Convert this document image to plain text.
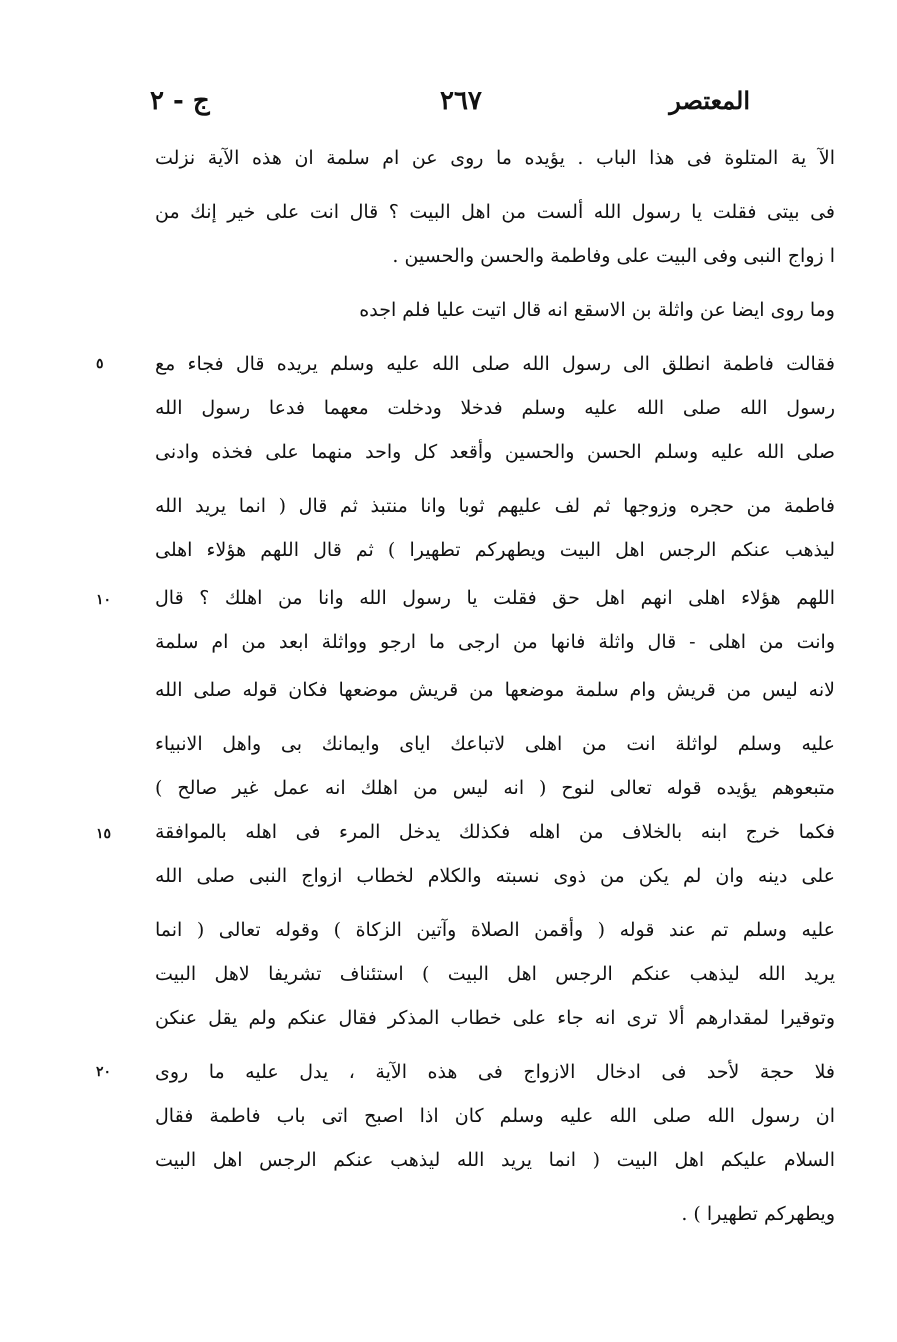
المعتصر
٢٦٧
ج - ٢
الآ ية المتلوة فى هذا الباب . يؤيده ما روى عن ام سلمة ان هذه الآية نزلت
فى بيتى فقلت يا رسول الله ألست من اهل البيت ؟ قال انت على خير إنك من
ا زواج النبى وفى البيت على وفاطمة والحسن والحسين .
وما روى ايضا عن واثلة بن الاسقع انه قال اتيت عليا فلم اجده
فقالت فاطمة انطلق الى رسول الله صلى الله عليه وسلم يريده قال فجاء مع
رسول الله صلى الله عليه وسلم فدخلا ودخلت معهما فدعا رسول الله
صلى الله عليه وسلم الحسن والحسين وأقعد كل واحد منهما على فخذه وادنى
فاطمة من حجره وزوجها ثم لف عليهم ثوبا وانا منتبذ ثم قال ( انما يريد الله
ليذهب عنكم الرجس اهل البيت ويطهركم تطهيرا ) ثم قال اللهم هؤلاء اهلى
اللهم هؤلاء اهلى انهم اهل حق فقلت يا رسول الله وانا من اهلك ؟ قال
وانت من اهلى - قال واثلة فانها من ارجى ما ارجو وواثلة ابعد من ام سلمة
لانه ليس من قريش وام سلمة موضعها من قريش موضعها فكان قوله صلى الله
عليه وسلم لواثلة انت من اهلى لاتباعك اياى وايمانك بى واهل الانبياء
متبعوهم يؤيده قوله تعالى لنوح ( انه ليس من اهلك انه عمل غير صالح )
فكما خرج ابنه بالخلاف من اهله فكذلك يدخل المرء فى اهله بالموافقة
على دينه وان لم يكن من ذوى نسبته والكلام لخطاب ازواج النبى صلى الله
عليه وسلم تم عند قوله ( وأقمن الصلاة وآتين الزكاة ) وقوله تعالى ( انما
يريد الله ليذهب عنكم الرجس اهل البيت ) استئناف تشريفا لاهل البيت
وتوقيرا لمقدارهم ألا ترى انه جاء على خطاب المذكر فقال عنكم ولم يقل عنكن
فلا حجة لأحد فى ادخال الازواج فى هذه الآية ، يدل عليه ما روى
ان رسول الله صلى الله عليه وسلم كان اذا اصبح اتى باب فاطمة فقال
السلام عليكم اهل البيت ( انما يريد الله ليذهب عنكم الرجس اهل البيت
ويطهركم تطهيرا ) .
٥
١٠
١٥
٢٠
